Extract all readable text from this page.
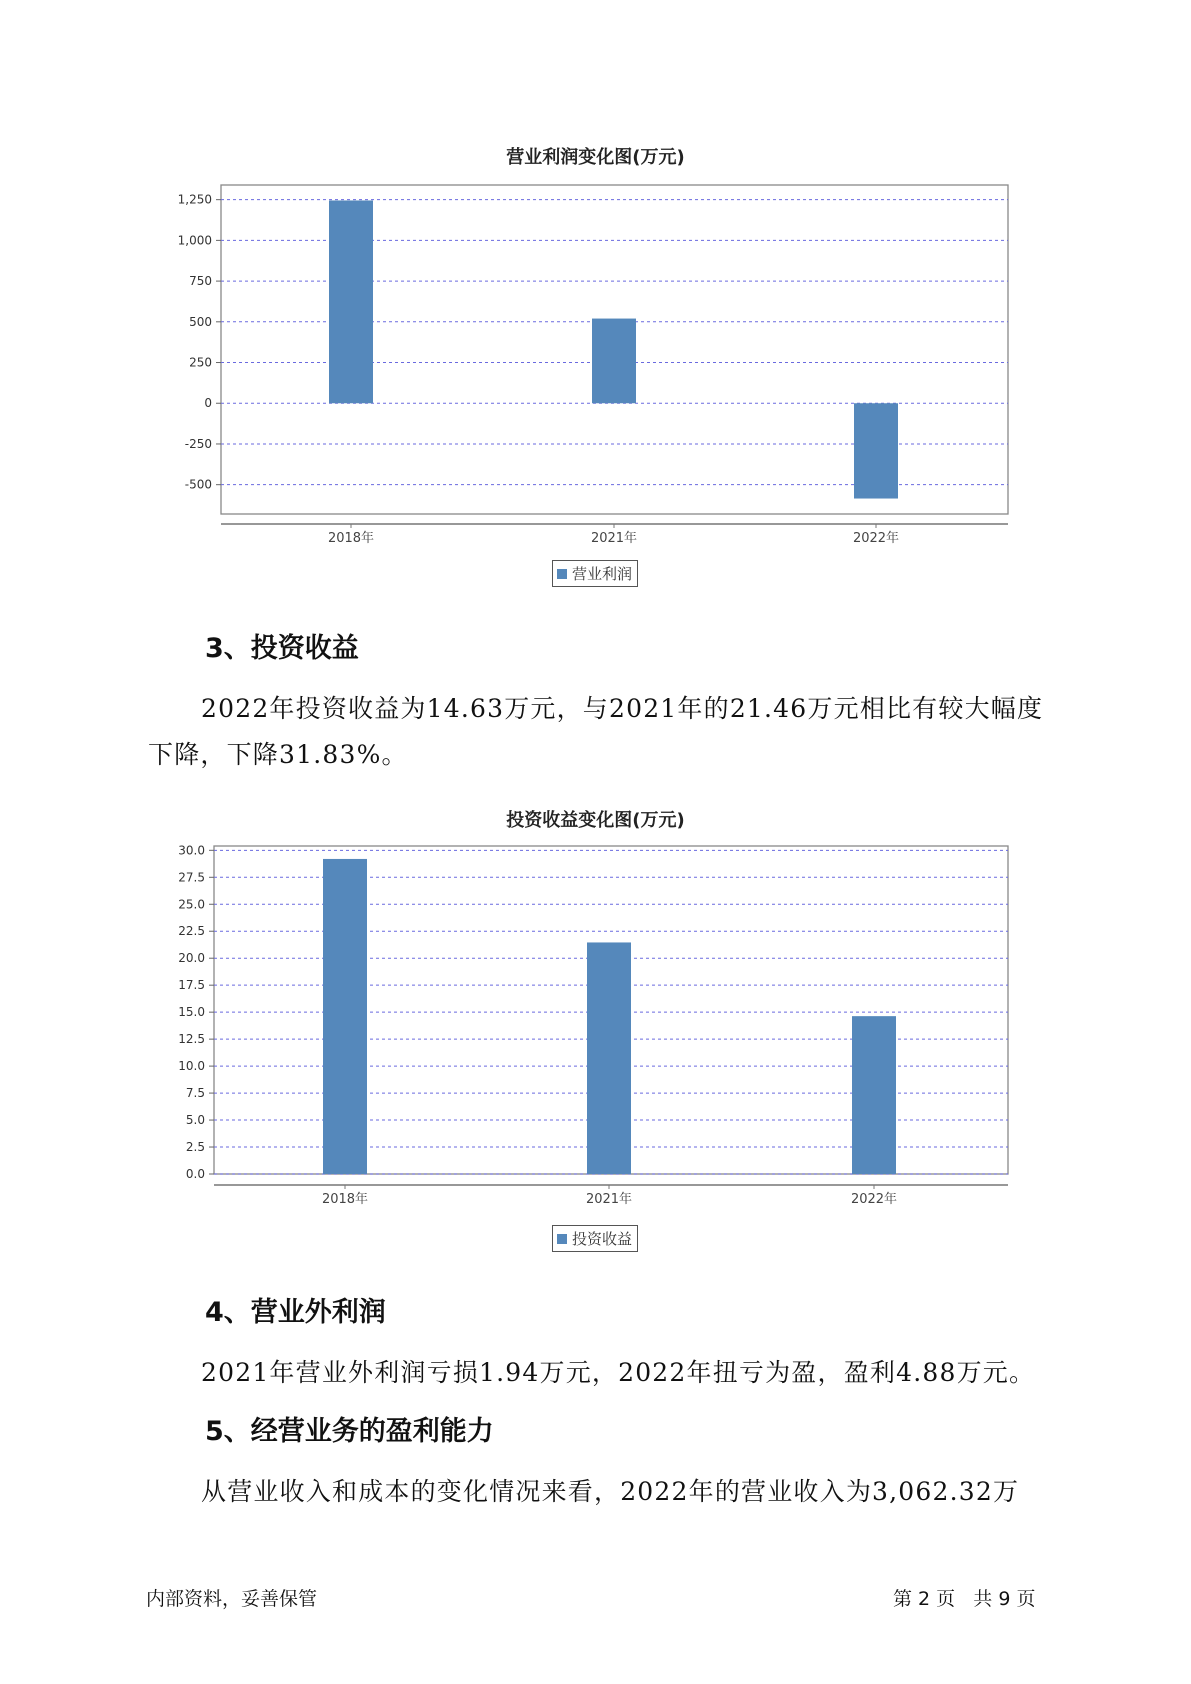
营业利润变化图(万元)
1,250
1,000
750
500
250
0
-250
-500
2018年	2021年	2022年
营业利润
3、投资收益
2022年投资收益为14.63万元，与2021年的21.46万元相比有较大幅度下降，下降31.83%。
投资收益变化图(万元)
30.0
27.5
25.0
22.5
20.0
17.5
15.0
12.5
10.0
7.5
5.0
2.5
0.0
2018年	2021年	2022年
投资收益
4、营业外利润
2021年营业外利润亏损1.94万元，2022年扭亏为盈，盈利4.88万元。
5、经营业务的盈利能力
从营业收入和成本的变化情况来看，2022年的营业收入为3,062.32万
内部资料，妥善保管	第 2 页   共 9 页
